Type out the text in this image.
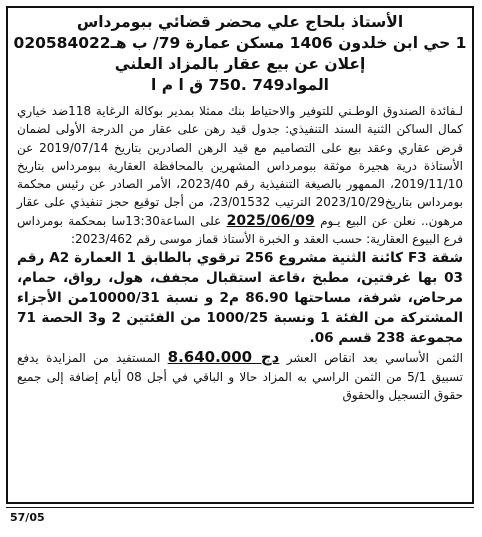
الأستاذ بلحاج علي محضر قضائي ببومرداس
1 حي ابن خلدون 1406 مسكن عمارة 79/ ب هـ020584022
إعلان عن بيع عقار بالمزاد العلني
المواد749 .750 ق ا م ا

لـفائدة الصندوق الوطـني للتوفير والاحتياط بنك ممثلا بمدير بوكالة الرغاية 118ضد خياري كمال الساكن الثنية السند التنفيذي: جدول قيد رهن على عقار من الدرجة الأولى لضمان قرض عقاري وعقد بيع على التصاميم مع قيد الرهن الصادرين بتاريخ 2019/07/14 عن الأستاذة درية هجيرة موثقة ببومرداس المشهرين بالمحافظة العقارية ببومرداس بتاريخ 2019/11/10، الممهور بالصيغة التنفيذية رقم 2023/40، الأمر الصادر عن رئيس محكمة بومرداس بتاريخ2023/10/29 الترتيب 23/01532، من أجل توقيع حجز تنفيذي على عقار مرهون.. نعلن عن البيع يـوم 2025/06/09 على الساعة13:30سا بمحكمة بومرداس فرع البيوع العقارية: حسب العقد و الخبرة الأستاذ قماز موسى رقم 2023/462:

شقة F3 كائنة الثنية مشروع 256 ترقوي بالطابق 1 العمارة A2 رقم 03 بها غرفتين، مطبخ ،قاعة استقبال مجفف، هول، رواق، حمام، مرحاض، شرفة، مساحتها 86.90 م2 و نسبة 10000/31من الأجزاء المشتركة من الفئة 1 ونسبة 1000/25 من الفئتين 2 و3 الحصة 71 مجموعة 238 قسم 06.

الثمن الأساسي بعد انقاص العشر 8.640.000 دج المستفيد من المزايدة يدفع تسبيق 5/1 من الثمن الراسي به المزاد حالا و الباقي في أجل 08 أيام إضافة إلى جميع حقوق التسجيل والحقوق

57/05
